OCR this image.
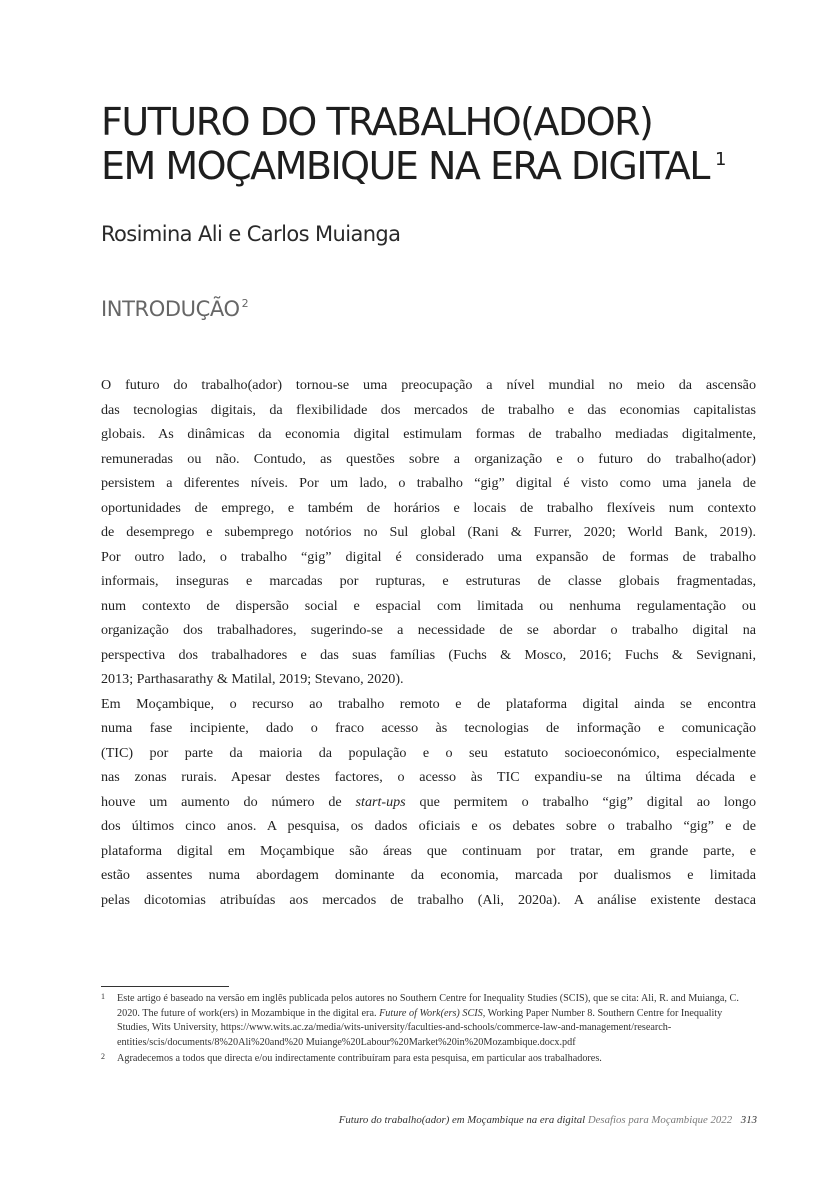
FUTURO DO TRABALHO(ADOR)
EM MOÇAMBIQUE NA ERA DIGITAL $^1$
Rosimina Ali e Carlos Muianga
INTRODUÇÃO $^2$

O futuro do trabalho(ador) tornou-se uma preocupação a nível mundial no meio da ascensão
das tecnologias digitais, da flexibilidade dos mercados de trabalho e das economias capitalistas
globais. As dinâmicas da economia digital estimulam formas de trabalho mediadas digitalmente,
remuneradas ou não. Contudo, as questões sobre a organização e o futuro do trabalho(ador)
persistem a diferentes níveis. Por um lado, o trabalho “gig” digital é visto como uma janela de
oportunidades de emprego, e também de horários e locais de trabalho flexíveis num contexto
de desemprego e subemprego notórios no Sul global (Rani & Furrer, 2020; World Bank, 2019).
Por outro lado, o trabalho “gig” digital é considerado uma expansão de formas de trabalho
informais, inseguras e marcadas por rupturas, e estruturas de classe globais fragmentadas,
num contexto de dispersão social e espacial com limitada ou nenhuma regulamentação ou
organização dos trabalhadores, sugerindo-se a necessidade de se abordar o trabalho digital na
perspectiva dos trabalhadores e das suas famílias (Fuchs & Mosco, 2016; Fuchs & Sevignani,
2013; Parthasarathy & Matilal, 2019; Stevano, 2020).

Em Moçambique, o recurso ao trabalho remoto e de plataforma digital ainda se encontra
numa fase incipiente, dado o fraco acesso às tecnologias de informação e comunicação
(TIC) por parte da maioria da população e o seu estatuto socioeconómico, especialmente
nas zonas rurais. Apesar destes factores, o acesso às TIC expandiu-se na última década e
houve um aumento do número de start-ups que permitem o trabalho “gig” digital ao longo
dos últimos cinco anos. A pesquisa, os dados oficiais e os debates sobre o trabalho “gig” e de
plataforma digital em Moçambique são áreas que continuam por tratar, em grande parte, e
estão assentes numa abordagem dominante da economia, marcada por dualismos e limitada
pelas dicotomias atribuídas aos mercados de trabalho (Ali, 2020a). A análise existente destaca

1	Este artigo é baseado na versão em inglês publicada pelos autores no Southern Centre for Inequality Studies (SCIS), que se cita: Ali, R. and Muianga, C. 2020. The future of work(ers) in Mozambique in the digital era. Future of Work(ers) SCIS, Working Paper Number 8. Southern Centre for Inequality Studies, Wits University, https://www.wits.ac.za/media/wits-university/faculties-and-schools/commerce-law-and-management/research-entities/scis/documents/8%20Ali%20and%20 Muiange%20Labour%20Market%20in%20Mozambique.docx.pdf
2	Agradecemos a todos que directa e/ou indirectamente contribuíram para esta pesquisa, em particular aos trabalhadores.
Futuro do trabalho(ador) em Moçambique na era digital Desafios para Moçambique 2022 313
